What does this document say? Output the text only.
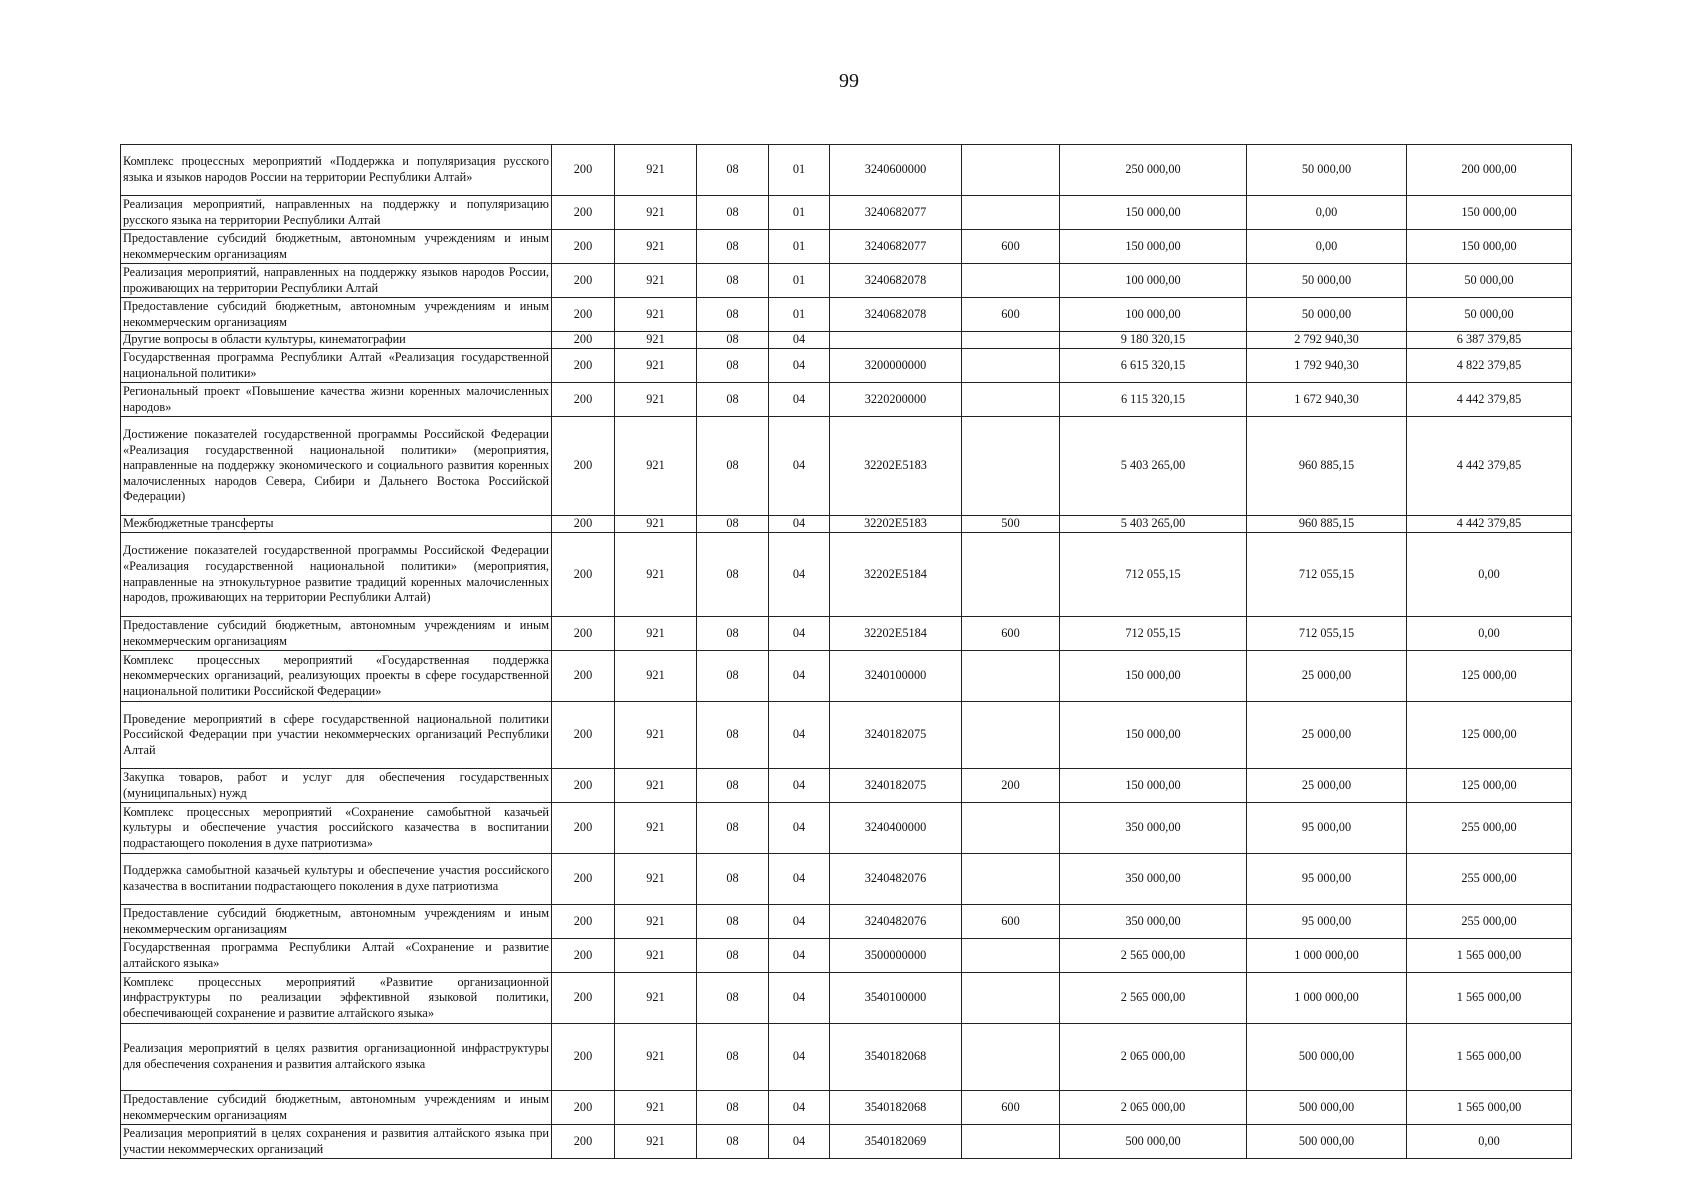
99
Комплекс процессных мероприятий «Поддержка и популяризация русского языка и языков народов России на территории Республики Алтай»	200	921	08	01	3240600000		250 000,00	50 000,00	200 000,00
Реализация мероприятий, направленных на поддержку и популяризацию русского языка на территории Республики Алтай	200	921	08	01	3240682077		150 000,00	0,00	150 000,00
Предоставление субсидий бюджетным, автономным учреждениям и иным некоммерческим организациям	200	921	08	01	3240682077	600	150 000,00	0,00	150 000,00
Реализация мероприятий, направленных на поддержку языков народов России, проживающих на территории Республики Алтай	200	921	08	01	3240682078		100 000,00	50 000,00	50 000,00
Предоставление субсидий бюджетным, автономным учреждениям и иным некоммерческим организациям	200	921	08	01	3240682078	600	100 000,00	50 000,00	50 000,00
Другие вопросы в области культуры, кинематографии	200	921	08	04			9 180 320,15	2 792 940,30	6 387 379,85
Государственная программа Республики Алтай «Реализация государственной национальной политики»	200	921	08	04	3200000000		6 615 320,15	1 792 940,30	4 822 379,85
Региональный проект «Повышение качества жизни коренных малочисленных народов»	200	921	08	04	3220200000		6 115 320,15	1 672 940,30	4 442 379,85
Достижение показателей государственной программы Российской Федерации «Реализация государственной национальной политики» (мероприятия, направленные на поддержку экономического и социального развития коренных малочисленных народов Севера, Сибири и Дальнего Востока Российской Федерации)	200	921	08	04	32202E5183		5 403 265,00	960 885,15	4 442 379,85
Межбюджетные трансферты	200	921	08	04	32202E5183	500	5 403 265,00	960 885,15	4 442 379,85
Достижение показателей государственной программы Российской Федерации «Реализация государственной национальной политики» (мероприятия, направленные на этнокультурное развитие традиций коренных малочисленных народов, проживающих на территории Республики Алтай)	200	921	08	04	32202E5184		712 055,15	712 055,15	0,00
Предоставление субсидий бюджетным, автономным учреждениям и иным некоммерческим организациям	200	921	08	04	32202E5184	600	712 055,15	712 055,15	0,00
Комплекс процессных мероприятий «Государственная поддержка некоммерческих организаций, реализующих проекты в сфере государственной национальной политики Российской Федерации»	200	921	08	04	3240100000		150 000,00	25 000,00	125 000,00
Проведение мероприятий в сфере государственной национальной политики Российской Федерации при участии некоммерческих организаций Республики Алтай	200	921	08	04	3240182075		150 000,00	25 000,00	125 000,00
Закупка товаров, работ и услуг для обеспечения государственных (муниципальных) нужд	200	921	08	04	3240182075	200	150 000,00	25 000,00	125 000,00
Комплекс процессных мероприятий «Сохранение самобытной казачьей культуры и обеспечение участия российского казачества в воспитании подрастающего поколения в духе патриотизма»	200	921	08	04	3240400000		350 000,00	95 000,00	255 000,00
Поддержка самобытной казачьей культуры и обеспечение участия российского казачества в воспитании подрастающего поколения в духе патриотизма	200	921	08	04	3240482076		350 000,00	95 000,00	255 000,00
Предоставление субсидий бюджетным, автономным учреждениям и иным некоммерческим организациям	200	921	08	04	3240482076	600	350 000,00	95 000,00	255 000,00
Государственная программа Республики Алтай «Сохранение и развитие алтайского языка»	200	921	08	04	3500000000		2 565 000,00	1 000 000,00	1 565 000,00
Комплекс процессных мероприятий «Развитие организационной инфраструктуры по реализации эффективной языковой политики, обеспечивающей сохранение и развитие алтайского языка»	200	921	08	04	3540100000		2 565 000,00	1 000 000,00	1 565 000,00
Реализация мероприятий в целях развития организационной инфраструктуры для обеспечения сохранения и развития алтайского языка	200	921	08	04	3540182068		2 065 000,00	500 000,00	1 565 000,00
Предоставление субсидий бюджетным, автономным учреждениям и иным некоммерческим организациям	200	921	08	04	3540182068	600	2 065 000,00	500 000,00	1 565 000,00
Реализация мероприятий в целях сохранения и развития алтайского языка при участии некоммерческих организаций	200	921	08	04	3540182069		500 000,00	500 000,00	0,00
